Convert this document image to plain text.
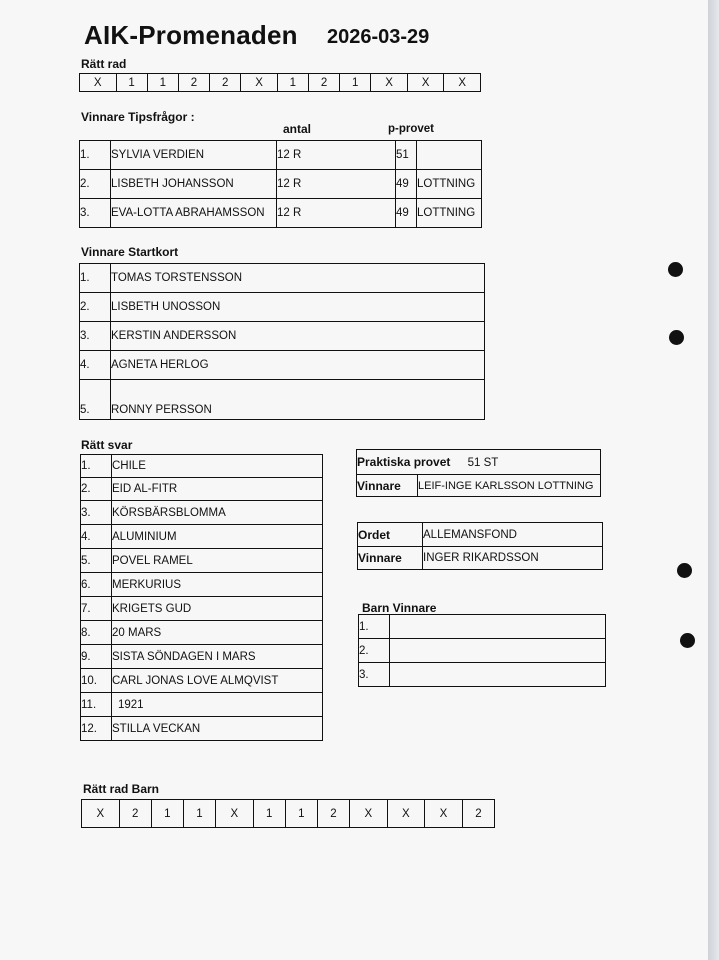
AIK-Promenaden 2026-03-29
Rätt rad
X	1	1	2	2	X	1	2	1	X	X	X
Vinnare Tipsfrågor :
antal	p-provet
1.	SYLVIA VERDIEN	12 R	51	
2.	LISBETH JOHANSSON	12 R	49	LOTTNING
3.	EVA-LOTTA ABRAHAMSSON	12 R	49	LOTTNING
Vinnare Startkort
1.	TOMAS TORSTENSSON
2.	LISBETH UNOSSON
3.	KERSTIN ANDERSSON
4.	AGNETA HERLOG
5.	RONNY PERSSON
Rätt svar
1.	CHILE
2.	EID AL-FITR
3.	KÖRSBÄRSBLOMMA
4.	ALUMINIUM
5.	POVEL RAMEL
6.	MERKURIUS
7.	KRIGETS GUD
8.	20 MARS
9.	SISTA SÖNDAGEN I MARS
10.	CARL JONAS LOVE ALMQVIST
11.	1921
12.	STILLA VECKAN
Praktiska provet 51 ST
Vinnare	LEIF-INGE KARLSSON LOTTNING
Ordet	ALLEMANSFOND
Vinnare	INGER RIKARDSSON
Barn Vinnare
1.	
2.	
3.	
Rätt rad Barn
X	2	1	1	X	1	1	2	X	X	X	2
